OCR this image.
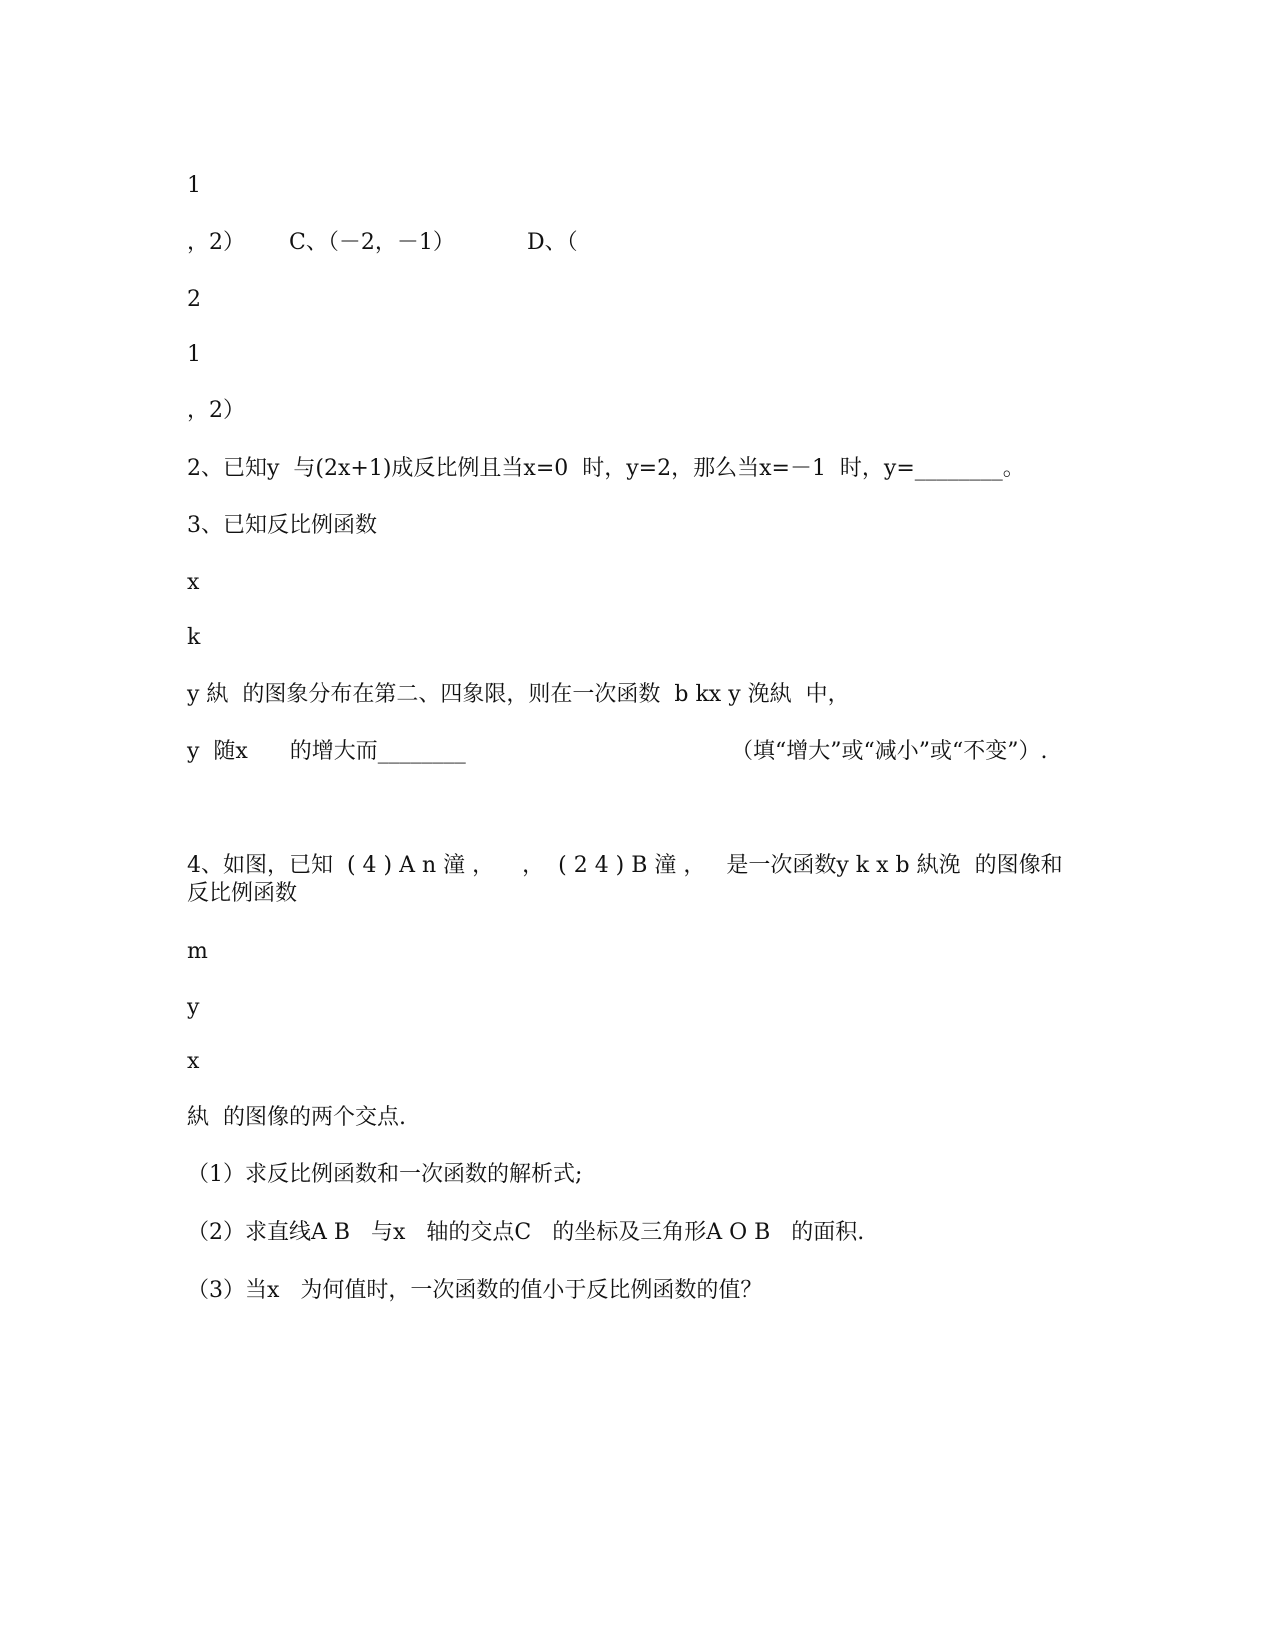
1
，2） C、（－2，－1）	D、（
2
1
，2）
2、已知y  与(2x+1)成反比例且当x=0  时，y=2，那么当x=－1  时，y=________。
3、已知反比例函数
x
k
y 紈  的图象分布在第二、四象限，则在一次函数  b kx y 浼紈  中，
y  随x      的增大而________	（填“增大”或“减小”或“不变”）.
4、如图，已知  ( 4 ) A n 潼 ，    ，  ( 2 4 ) B 潼 ，   是一次函数y k x b 紈浼  的图像和
反比例函数
m
y
x
紈  的图像的两个交点.
（1）求反比例函数和一次函数的解析式;
（2）求直线A B   与x   轴的交点C   的坐标及三角形A O B   的面积.
（3）当x   为何值时，一次函数的值小于反比例函数的值？
